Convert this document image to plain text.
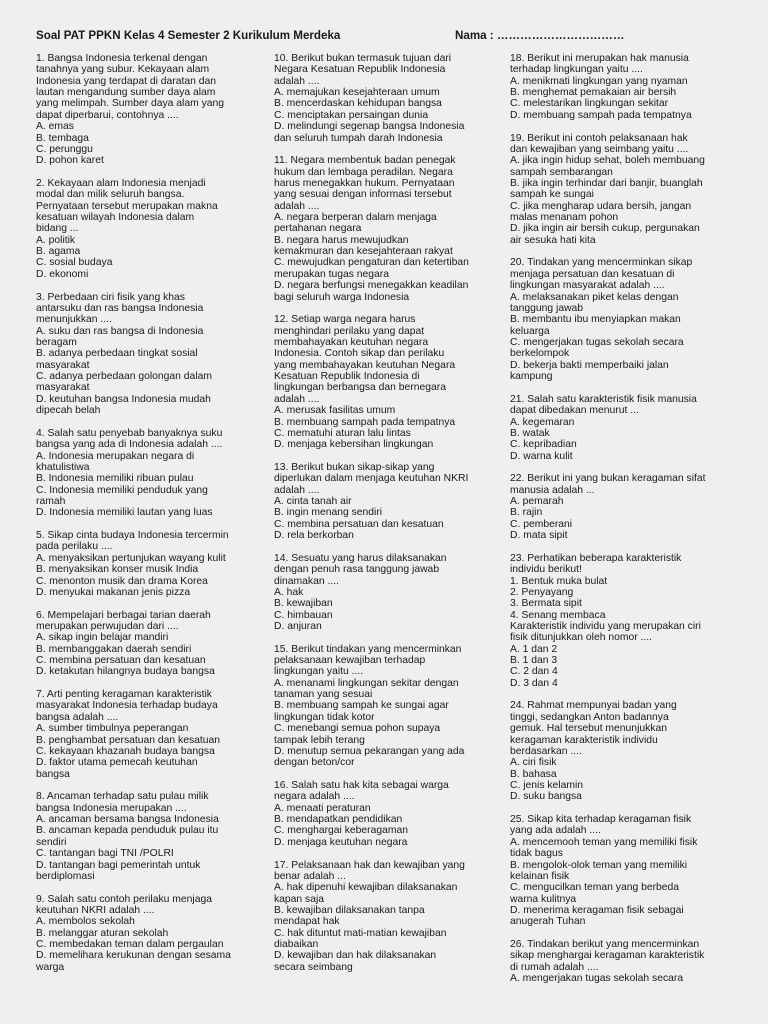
Soal PAT PPKN Kelas 4 Semester 2 Kurikulum Merdeka	Nama : ……………………………
1. Bangsa Indonesia terkenal dengan
tanahnya yang subur. Kekayaan alam
Indonesia yang terdapat di daratan dan
lautan mengandung sumber daya alam
yang melimpah. Sumber daya alam yang
dapat diperbarui, contohnya ....
A. emas
B. tembaga
C. perunggu
D. pohon karet
2. Kekayaan alam Indonesia menjadi
modal dan milik seluruh bangsa.
Pernyataan tersebut merupakan makna
kesatuan wilayah Indonesia dalam
bidang ...
A. politik
B. agama
C. sosial budaya
D. ekonomi
3. Perbedaan ciri fisik yang khas
antarsuku dan ras bangsa Indonesia
menunjukkan ....
A. suku dan ras bangsa di Indonesia
beragam
B. adanya perbedaan tingkat sosial
masyarakat
C. adanya perbedaan golongan dalam
masyarakat
D. keutuhan bangsa Indonesia mudah
dipecah belah
4. Salah satu penyebab banyaknya suku
bangsa yang ada di Indonesia adalah ....
A. Indonesia merupakan negara di
khatulistiwa
B. Indonesia memiliki ribuan pulau
C. Indonesia memiliki penduduk yang
ramah
D. Indonesia memiliki lautan yang luas
5. Sikap cinta budaya Indonesia tercermin
pada perilaku ....
A. menyaksikan pertunjukan wayang kulit
B. menyaksikan konser musik India
C. menonton musik dan drama Korea
D. menyukai makanan jenis pizza
6. Mempelajari berbagai tarian daerah
merupakan perwujudan dari ....
A. sikap ingin belajar mandiri
B. membanggakan daerah sendiri
C. membina persatuan dan kesatuan
D. ketakutan hilangnya budaya bangsa
7. Arti penting keragaman karakteristik
masyarakat Indonesia terhadap budaya
bangsa adalah ....
A. sumber timbulnya peperangan
B. penghambat persatuan dan kesatuan
C. kekayaan khazanah budaya bangsa
D. faktor utama pemecah keutuhan
bangsa
8. Ancaman terhadap satu pulau milik
bangsa Indonesia merupakan ....
A. ancaman bersama bangsa Indonesia
B. ancaman kepada penduduk pulau itu
sendiri
C. tantangan bagi TNI /POLRI
D. tantangan bagi pemerintah untuk
berdiplomasi
9. Salah satu contoh perilaku menjaga
keutuhan NKRI adalah ....
A. membolos sekolah
B. melanggar aturan sekolah
C. membedakan teman dalam pergaulan
D. memelihara kerukunan dengan sesama
warga
10. Berikut bukan termasuk tujuan dari
Negara Kesatuan Republik Indonesia
adalah ....
A. memajukan kesejahteraan umum
B. mencerdaskan kehidupan bangsa
C. menciptakan persaingan dunia
D. melindungi segenap bangsa Indonesia
dan seluruh tumpah darah Indonesia
11. Negara membentuk badan penegak
hukum dan lembaga peradilan. Negara
harus menegakkan hukum. Pernyataan
yang sesuai dengan informasi tersebut
adalah ....
A. negara berperan dalam menjaga
pertahanan negara
B. negara harus mewujudkan
kemakmuran dan kesejahteraan rakyat
C. mewujudkan pengaturan dan ketertiban
merupakan tugas negara
D. negara berfungsi menegakkan keadilan
bagi seluruh warga Indonesia
12. Setiap warga negara harus
menghindari perilaku yang dapat
membahayakan keutuhan negara
Indonesia. Contoh sikap dan perilaku
yang membahayakan keutuhan Negara
Kesatuan Republik Indonesia di
lingkungan berbangsa dan bernegara
adalah ....
A. merusak fasilitas umum
B. membuang sampah pada tempatnya
C. mematuhi aturan lalu lintas
D. menjaga kebersihan lingkungan
13. Berikut bukan sikap-sikap yang
diperlukan dalam menjaga keutuhan NKRI
adalah ....
A. cinta tanah air
B. ingin menang sendiri
C. membina persatuan dan kesatuan
D. rela berkorban
14. Sesuatu yang harus dilaksanakan
dengan penuh rasa tanggung jawab
dinamakan ....
A. hak
B. kewajiban
C. himbauan
D. anjuran
15. Berikut tindakan yang mencerminkan
pelaksanaan kewajiban terhadap
lingkungan yaitu ....
A. menanami lingkungan sekitar dengan
tanaman yang sesuai
B. membuang sampah ke sungai agar
lingkungan tidak kotor
C. menebangi semua pohon supaya
tampak lebih terang
D. menutup semua pekarangan yang ada
dengan beton/cor
16. Salah satu hak kita sebagai warga
negara adalah ....
A. menaati peraturan
B. mendapatkan pendidikan
C. menghargai keberagaman
D. menjaga keutuhan negara
17. Pelaksanaan hak dan kewajiban yang
benar adalah ...
A. hak dipenuhi kewajiban dilaksanakan
kapan saja
B. kewajiban dilaksanakan tanpa
mendapat hak
C. hak dituntut mati-matian kewajiban
diabaikan
D. kewajiban dan hak dilaksanakan
secara seimbang
18. Berikut ini merupakan hak manusia
terhadap lingkungan yaitu ....
A. menikmati lingkungan yang nyaman
B. menghemat pemakaian air bersih
C. melestarikan lingkungan sekitar
D. membuang sampah pada tempatnya
19. Berikut ini contoh pelaksanaan hak
dan kewajiban yang seimbang yaitu ....
A. jika ingin hidup sehat, boleh membuang
sampah sembarangan
B. jika ingin terhindar dari banjir, buanglah
sampah ke sungai
C. jika mengharap udara bersih, jangan
malas menanam pohon
D. jika ingin air bersih cukup, pergunakan
air sesuka hati kita
20. Tindakan yang mencerminkan sikap
menjaga persatuan dan kesatuan di
lingkungan masyarakat adalah ....
A. melaksanakan piket kelas dengan
tanggung jawab
B. membantu ibu menyiapkan makan
keluarga
C. mengerjakan tugas sekolah secara
berkelompok
D. bekerja bakti memperbaiki jalan
kampung
21. Salah satu karakteristik fisik manusia
dapat dibedakan menurut ...
A. kegemaran
B. watak
C. kepribadian
D. warna kulit
22. Berikut ini yang bukan keragaman sifat
manusia adalah ...
A. pemarah
B. rajin
C. pemberani
D. mata sipit
23. Perhatikan beberapa karakteristik
individu berikut!
1. Bentuk muka bulat
2. Penyayang
3. Bermata sipit
4. Senang membaca
Karakteristik individu yang merupakan ciri
fisik ditunjukkan oleh nomor ....
A. 1 dan 2
B. 1 dan 3
C. 2 dan 4
D. 3 dan 4
24. Rahmat mempunyai badan yang
tinggi, sedangkan Anton badannya
gemuk. Hal tersebut menunjukkan
keragaman karakteristik individu
berdasarkan ....
A. ciri fisik
B. bahasa
C. jenis kelamin
D. suku bangsa
25. Sikap kita terhadap keragaman fisik
yang ada adalah ....
A. mencemooh teman yang memiliki fisik
tidak bagus
B. mengolok-olok teman yang memiliki
kelainan fisik
C. mengucilkan teman yang berbeda
warna kulitnya
D. menerima keragaman fisik sebagai
anugerah Tuhan
26. Tindakan berikut yang mencerminkan
sikap menghargai keragaman karakteristik
di rumah adalah ....
A. mengerjakan tugas sekolah secara
